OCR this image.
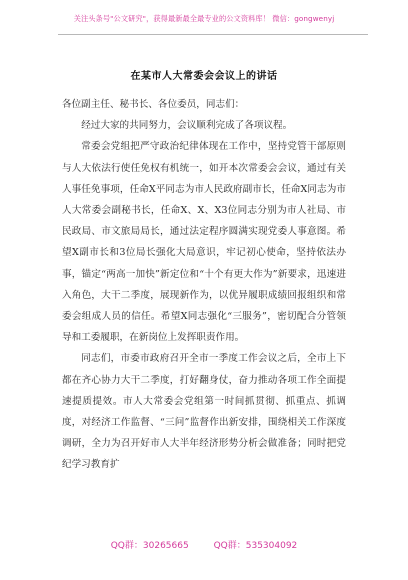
关注头条号"公文研究"，获得最新最全最专业的公文资料库！ 微信：gongwenyj
在某市人大常委会会议上的讲话

各位副主任、秘书长、各位委员，同志们：

经过大家的共同努力，会议顺利完成了各项议程。

常委会党组把严守政治纪律体现在工作中，坚持党管干部原则与人大依法行使任免权有机统一，如开本次常委会会议，通过有关人事任免事项，任命X平同志为市人民政府副市长，任命X同志为市人大常委会副秘书长，任命X、X、X3位同志分别为市人社局、市民政局、市文旅局局长，通过法定程序圆满实现党委人事意图。希望X副市长和3位局长强化大局意识，牢记初心使命，坚持依法办事，锚定“两高一加快”新定位和“十个有更大作为”新要求，迅速进入角色，大干二季度，展现新作为，以优异履职成绩回报组织和常委会组成人员的信任。希望X同志强化“三服务”，密切配合分管领导和工委履职，在新岗位上发挥职责作用。

同志们，市委市政府召开全市一季度工作会议之后，全市上下都在齐心协力大干二季度，打好翻身仗，奋力推动各项工作全面提速提质提效。市人大常委会党组第一时间抓贯彻、抓重点、抓调度，对经济工作监督、“三问”监督作出新安排，围绕相关工作深度调研，全力为召开好市人大半年经济形势分析会做准备；同时把党纪学习教育扩

QQ群：30265665	QQ群：535304092
